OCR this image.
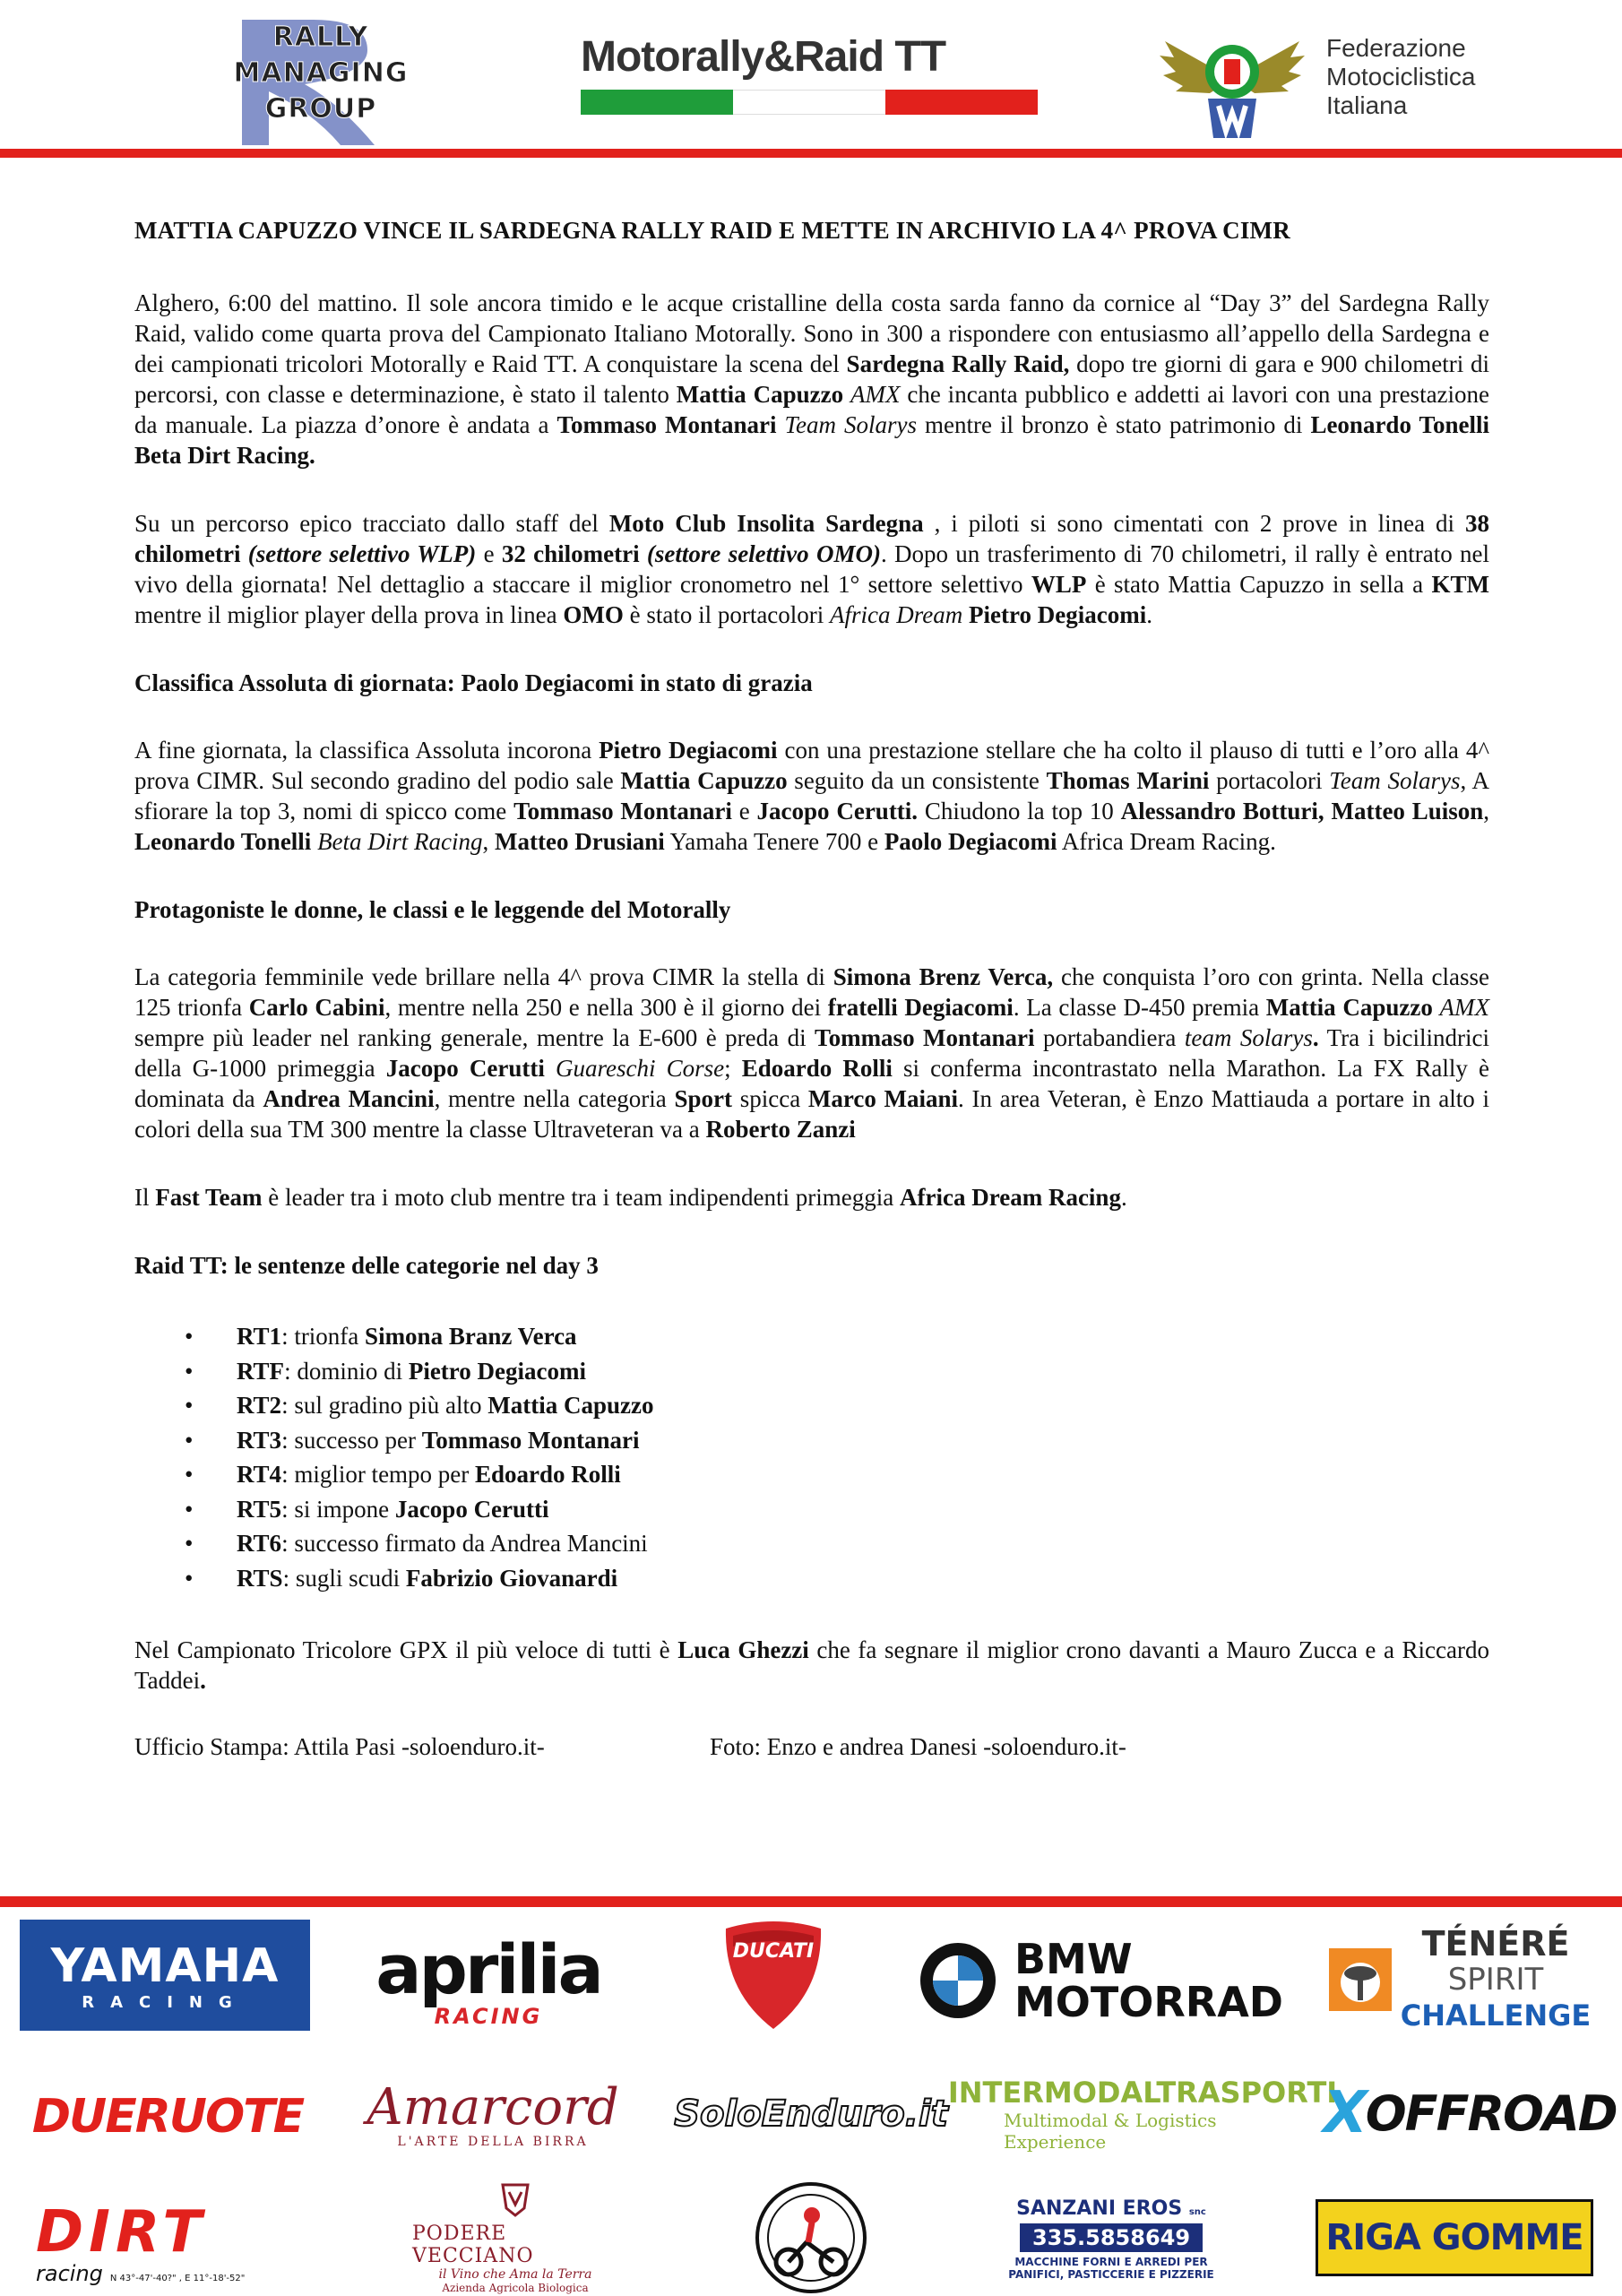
RALLY
MANAGING
GROUP
Motorally&Raid TT	Federazione
Motociclistica
Italiana
MATTIA CAPUZZO VINCE IL SARDEGNA RALLY RAID E METTE IN ARCHIVIO LA 4^ PROVA CIMR

Alghero, 6:00 del mattino. Il sole ancora timido e le acque cristalline della costa sarda fanno da cornice al “Day 3” del Sardegna Rally Raid, valido come quarta prova del Campionato Italiano Motorally. Sono in 300 a rispondere con entusiasmo all’appello della Sardegna e dei campionati tricolori Motorally e Raid TT. A conquistare la scena del Sardegna Rally Raid, dopo tre giorni di gara e 900 chilometri di percorsi, con classe e determinazione, è stato il talento Mattia Capuzzo AMX che incanta pubblico e addetti ai lavori con una prestazione da manuale. La piazza d’onore è andata a Tommaso Montanari Team Solarys mentre il bronzo è stato patrimonio di Leonardo Tonelli Beta Dirt Racing.

Su un percorso epico tracciato dallo staff del Moto Club Insolita Sardegna , i piloti si sono cimentati con 2 prove in linea di 38 chilometri (settore selettivo WLP) e 32 chilometri (settore selettivo OMO). Dopo un trasferimento di 70 chilometri, il rally è entrato nel vivo della giornata! Nel dettaglio a staccare il miglior cronometro nel 1° settore selettivo WLP è stato Mattia Capuzzo in sella a KTM mentre il miglior player della prova in linea OMO è stato il portacolori Africa Dream Pietro Degiacomi.

Classifica Assoluta di giornata: Paolo Degiacomi in stato di grazia

A fine giornata, la classifica Assoluta incorona Pietro Degiacomi con una prestazione stellare che ha colto il plauso di tutti e l’oro alla 4^ prova CIMR. Sul secondo gradino del podio sale Mattia Capuzzo seguito da un consistente Thomas Marini portacolori Team Solarys, A sfiorare la top 3, nomi di spicco come Tommaso Montanari e Jacopo Cerutti. Chiudono la top 10 Alessandro Botturi, Matteo Luison, Leonardo Tonelli Beta Dirt Racing, Matteo Drusiani Yamaha Tenere 700 e Paolo Degiacomi Africa Dream Racing.

Protagoniste le donne, le classi e le leggende del Motorally

La categoria femminile vede brillare nella 4^ prova CIMR la stella di Simona Brenz Verca, che conquista l’oro con grinta. Nella classe 125 trionfa Carlo Cabini, mentre nella 250 e nella 300 è il giorno dei fratelli Degiacomi. La classe D-450 premia Mattia Capuzzo AMX sempre più leader nel ranking generale, mentre la E-600 è preda di Tommaso Montanari portabandiera team Solarys. Tra i bicilindrici della G-1000 primeggia Jacopo Cerutti Guareschi Corse; Edoardo Rolli si conferma incontrastato nella Marathon. La FX Rally è dominata da Andrea Mancini, mentre nella categoria Sport spicca Marco Maiani. In area Veteran, è Enzo Mattiauda a portare in alto i colori della sua TM 300 mentre la classe Ultraveteran va a Roberto Zanzi

Il Fast Team è leader tra i moto club mentre tra i team indipendenti primeggia Africa Dream Racing.

Raid TT: le sentenze delle categorie nel day 3

• RT1: trionfa Simona Branz Verca
• RTF: dominio di Pietro Degiacomi
• RT2: sul gradino più alto Mattia Capuzzo
• RT3: successo per Tommaso Montanari
• RT4: miglior tempo per Edoardo Rolli
• RT5: si impone Jacopo Cerutti
• RT6: successo firmato da Andrea Mancini
• RTS: sugli scudi Fabrizio Giovanardi

Nel Campionato Tricolore GPX il più veloce di tutti è Luca Ghezzi che fa segnare il miglior crono davanti a Mauro Zucca e a Riccardo Taddei.

Ufficio Stampa: Attila Pasi -soloenduro.it-	Foto: Enzo e andrea Danesi -soloenduro.it-
YAMAHA
RACING aprilia
RACING
DUCATI	BMW
MOTORRAD
TÉNÉRÉ
SPIRIT
CHALLENGE
DUERUOTE Amarcord
L'ARTE DELLA BIRRA
SoloEnduro.it
INTERMODALTRASPORTI
Multimodal & Logistics Experience	X OFFROAD
DIRT
racing N 43°-47'-40?" , E 11°-18'-52"
PODERE VECCIANO
il Vino che Ama la Terra
Azienda Agricola Biologica
SANZANI EROS snc
335.5858649
MACCHINE FORNI E ARREDI PER PANIFICI, PASTICCERIE E PIZZERIE
RIGA GOMME
